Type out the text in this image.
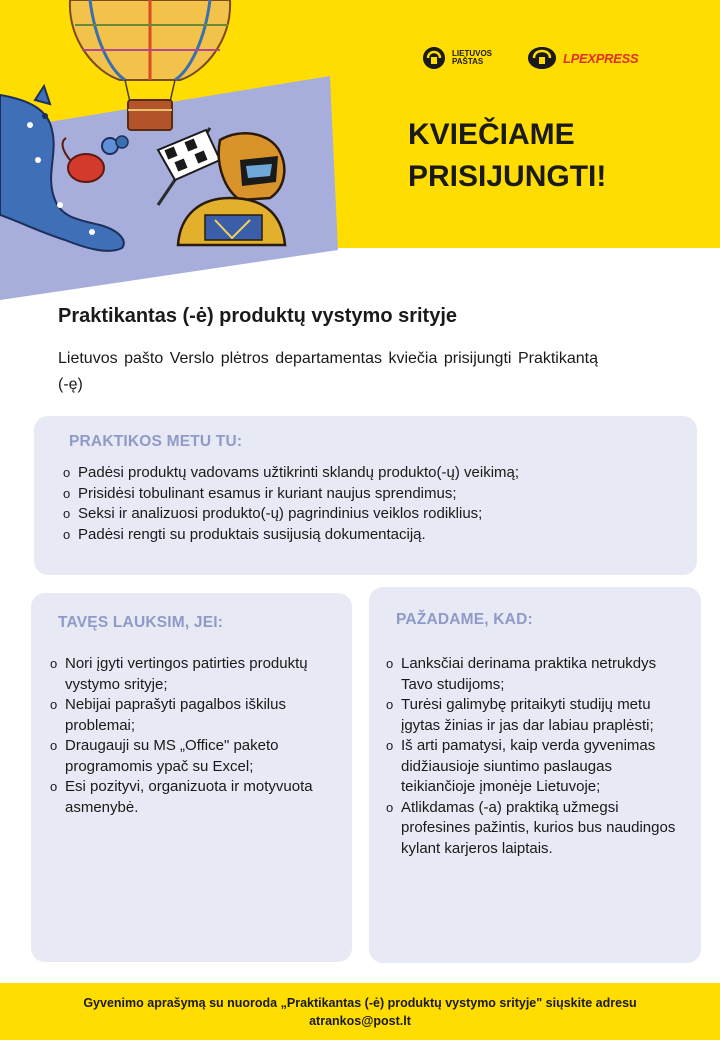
LIETUVOS
PAŠTAS	LPEXPRESS
KVIEČIAME
PRISIJUNGTI!
Praktikantas (-ė) produktų vystymo srityje
Lietuvos pašto Verslo plėtros departamentas kviečia prisijungti Praktikantą (-ę)
PRAKTIKOS METU TU:
o Padėsi produktų vadovams užtikrinti sklandų produkto(-ų) veikimą;
o Prisidėsi tobulinant esamus ir kuriant naujus sprendimus;
o Seksi ir analizuosi produkto(-ų) pagrindinius veiklos rodiklius;
o Padėsi rengti su produktais susijusią dokumentaciją.
TAVĘS LAUKSIM, JEI:
o Nori įgyti vertingos patirties produktų vystymo srityje;
o Nebijai paprašyti pagalbos iškilus problemai;
o Draugauji su MS „Office" paketo programomis ypač su Excel;
o Esi pozityvi, organizuota ir motyvuota asmenybė.
PAŽADAME, KAD:
o Lanksčiai derinama praktika netrukdys Tavo studijoms;
o Turėsi galimybę pritaikyti studijų metu įgytas žinias ir jas dar labiau praplėsti;
o Iš arti pamatysi, kaip verda gyvenimas didžiausioje siuntimo paslaugas teikiančioje įmonėje Lietuvoje;
o Atlikdamas (-a) praktiką užmegsi profesines pažintis, kurios bus naudingos kylant karjeros laiptais.
Gyvenimo aprašymą su nuoroda „Praktikantas (-ė) produktų vystymo srityje" siųskite adresu
atrankos@post.lt
